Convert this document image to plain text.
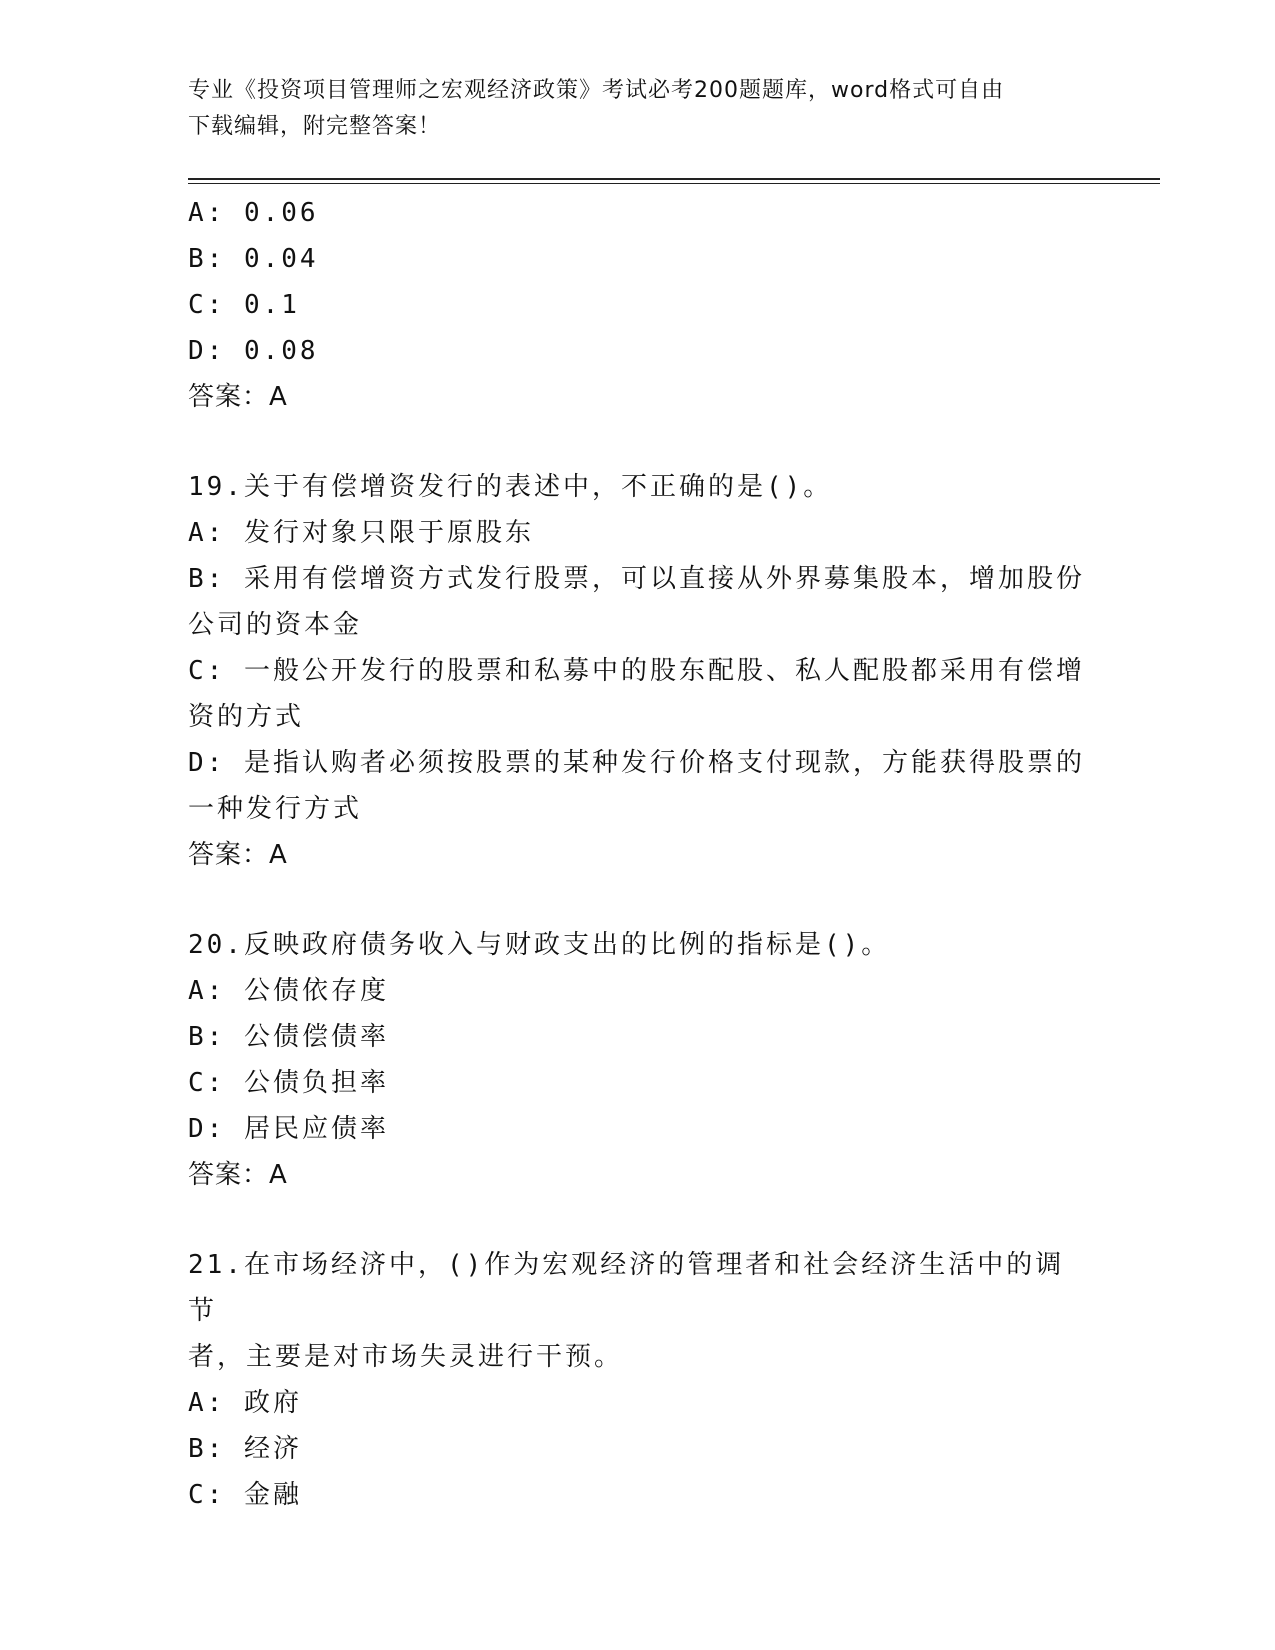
专业《投资项目管理师之宏观经济政策》考试必考200题题库，word格式可自由
下载编辑，附完整答案！

A: 0.06

B: 0.04

C: 0.1

D: 0.08

答案：A

19.关于有偿增资发行的表述中，不正确的是()。

A: 发行对象只限于原股东

B: 采用有偿增资方式发行股票，可以直接从外界募集股本，增加股份

公司的资本金

C: 一般公开发行的股票和私募中的股东配股、私人配股都采用有偿增

资的方式

D: 是指认购者必须按股票的某种发行价格支付现款，方能获得股票的

一种发行方式

答案：A

20.反映政府债务收入与财政支出的比例的指标是()。

A: 公债依存度

B: 公债偿债率

C: 公债负担率

D: 居民应债率

答案：A

21.在市场经济中，()作为宏观经济的管理者和社会经济生活中的调节

者，主要是对市场失灵进行干预。

A: 政府

B: 经济

C: 金融
